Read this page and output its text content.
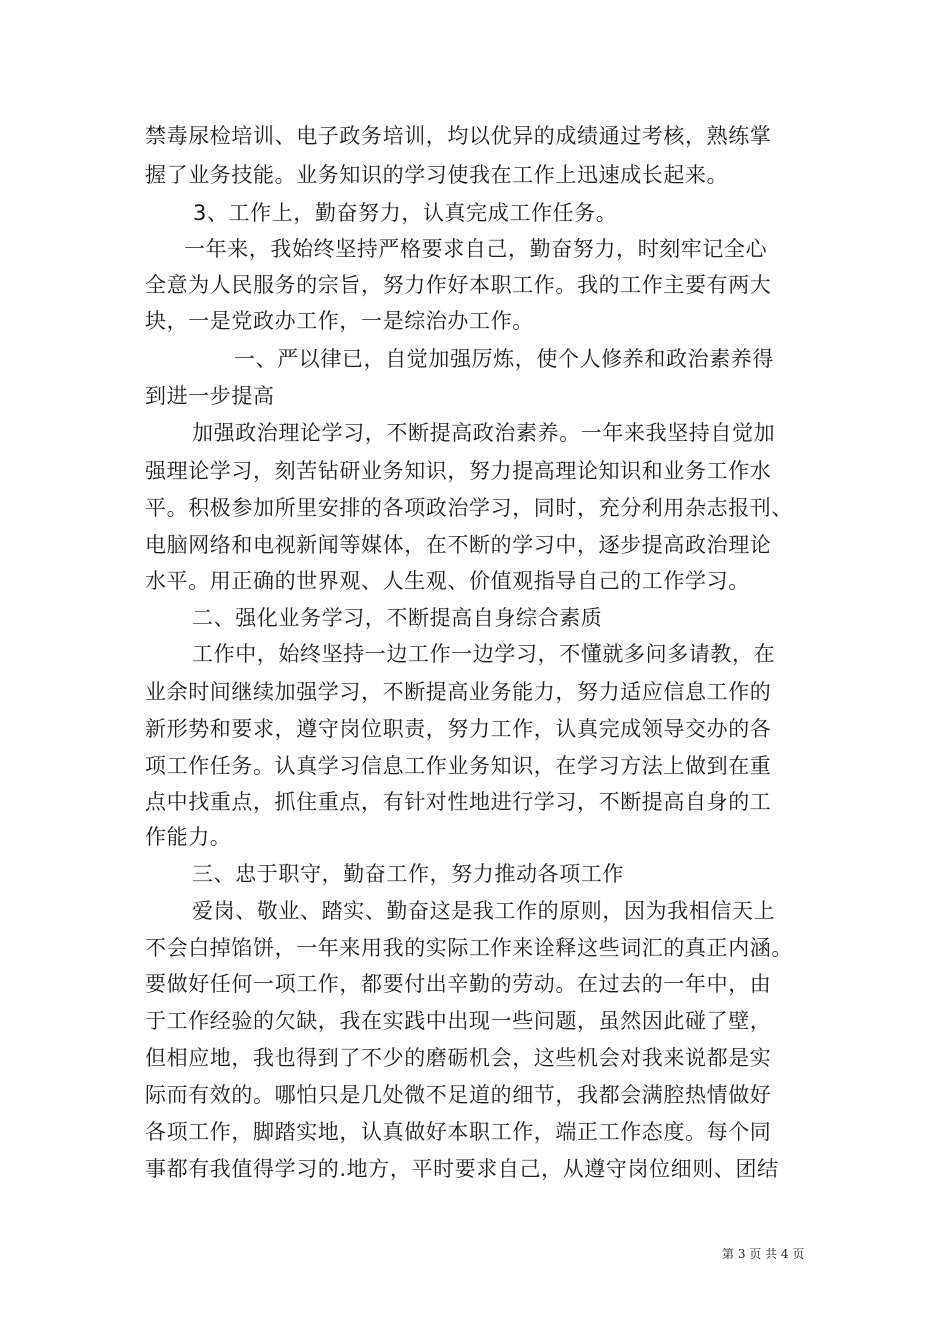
禁毒尿检培训、电子政务培训，均以优异的成绩通过考核，熟练掌
握了业务技能。业务知识的学习使我在工作上迅速成长起来。
3、工作上，勤奋努力，认真完成工作任务。
一年来，我始终坚持严格要求自己，勤奋努力，时刻牢记全心
全意为人民服务的宗旨，努力作好本职工作。我的工作主要有两大
块，一是党政办工作，一是综治办工作。
一、严以律已，自觉加强厉炼，使个人修养和政治素养得
到进一步提高
加强政治理论学习，不断提高政治素养。一年来我坚持自觉加
强理论学习，刻苦钻研业务知识，努力提高理论知识和业务工作水
平。积极参加所里安排的各项政治学习，同时，充分利用杂志报刊、
电脑网络和电视新闻等媒体，在不断的学习中，逐步提高政治理论
水平。用正确的世界观、人生观、价值观指导自己的工作学习。
二、强化业务学习，不断提高自身综合素质
工作中，始终坚持一边工作一边学习，不懂就多问多请教，在
业余时间继续加强学习，不断提高业务能力，努力适应信息工作的
新形势和要求，遵守岗位职责，努力工作，认真完成领导交办的各
项工作任务。认真学习信息工作业务知识，在学习方法上做到在重
点中找重点，抓住重点，有针对性地进行学习，不断提高自身的工
作能力。
三、忠于职守，勤奋工作，努力推动各项工作
爱岗、敬业、踏实、勤奋这是我工作的原则，因为我相信天上
不会白掉馅饼，一年来用我的实际工作来诠释这些词汇的真正内涵。
要做好任何一项工作，都要付出辛勤的劳动。在过去的一年中，由
于工作经验的欠缺，我在实践中出现一些问题，虽然因此碰了壁，
但相应地，我也得到了不少的磨砺机会，这些机会对我来说都是实
际而有效的。哪怕只是几处微不足道的细节，我都会满腔热情做好
各项工作，脚踏实地，认真做好本职工作，端正工作态度。每个同
事都有我值得学习的.地方，平时要求自己，从遵守岗位细则、团结
第 3 页 共 4 页
